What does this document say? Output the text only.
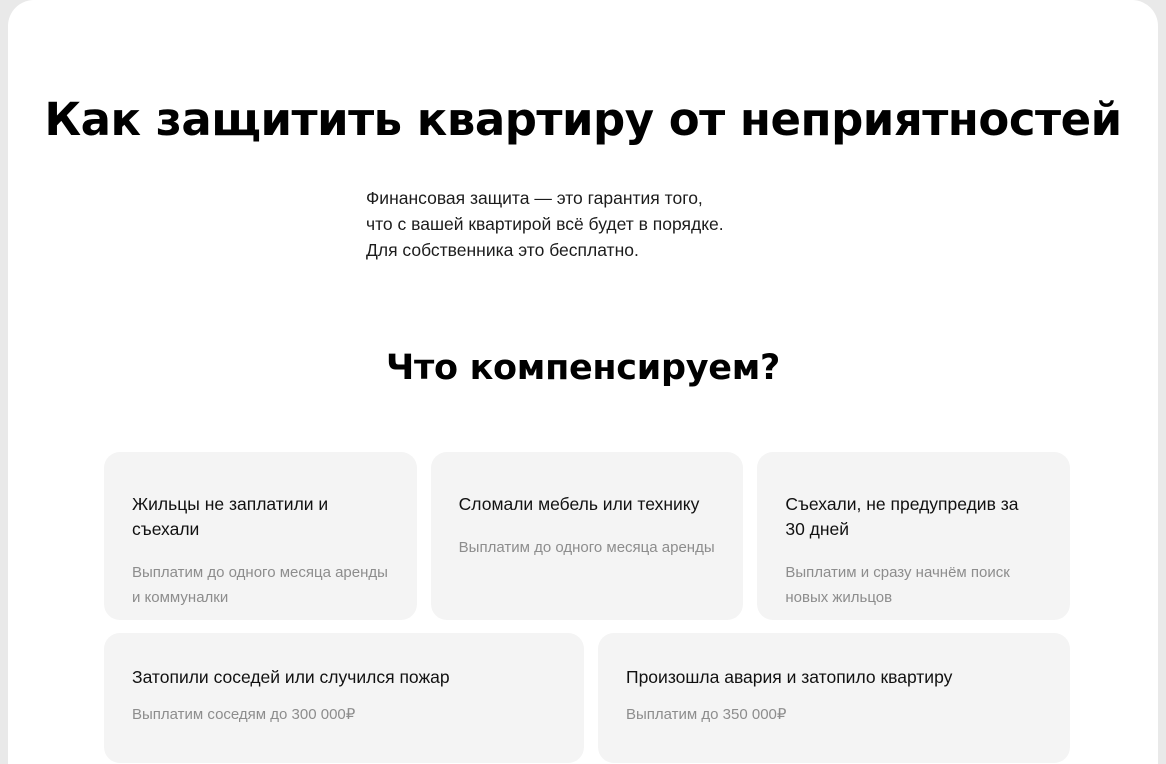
Как защитить квартиру от неприятностей
Финансовая защита — это гарантия того,
что с вашей квартирой всё будет в порядке.
Для собственника это бесплатно.
Что компенсируем?

Жильцы не заплатили и съехали

Выплатим до одного месяца аренды и коммуналки

Сломали мебель или технику

Выплатим до одного месяца аренды

Съехали, не предупредив за 30 дней

Выплатим и сразу начнём поиск новых жильцов

Затопили соседей или случился пожар

Выплатим соседям до 300 000₽

Произошла авария и затопило квартиру

Выплатим до 350 000₽
